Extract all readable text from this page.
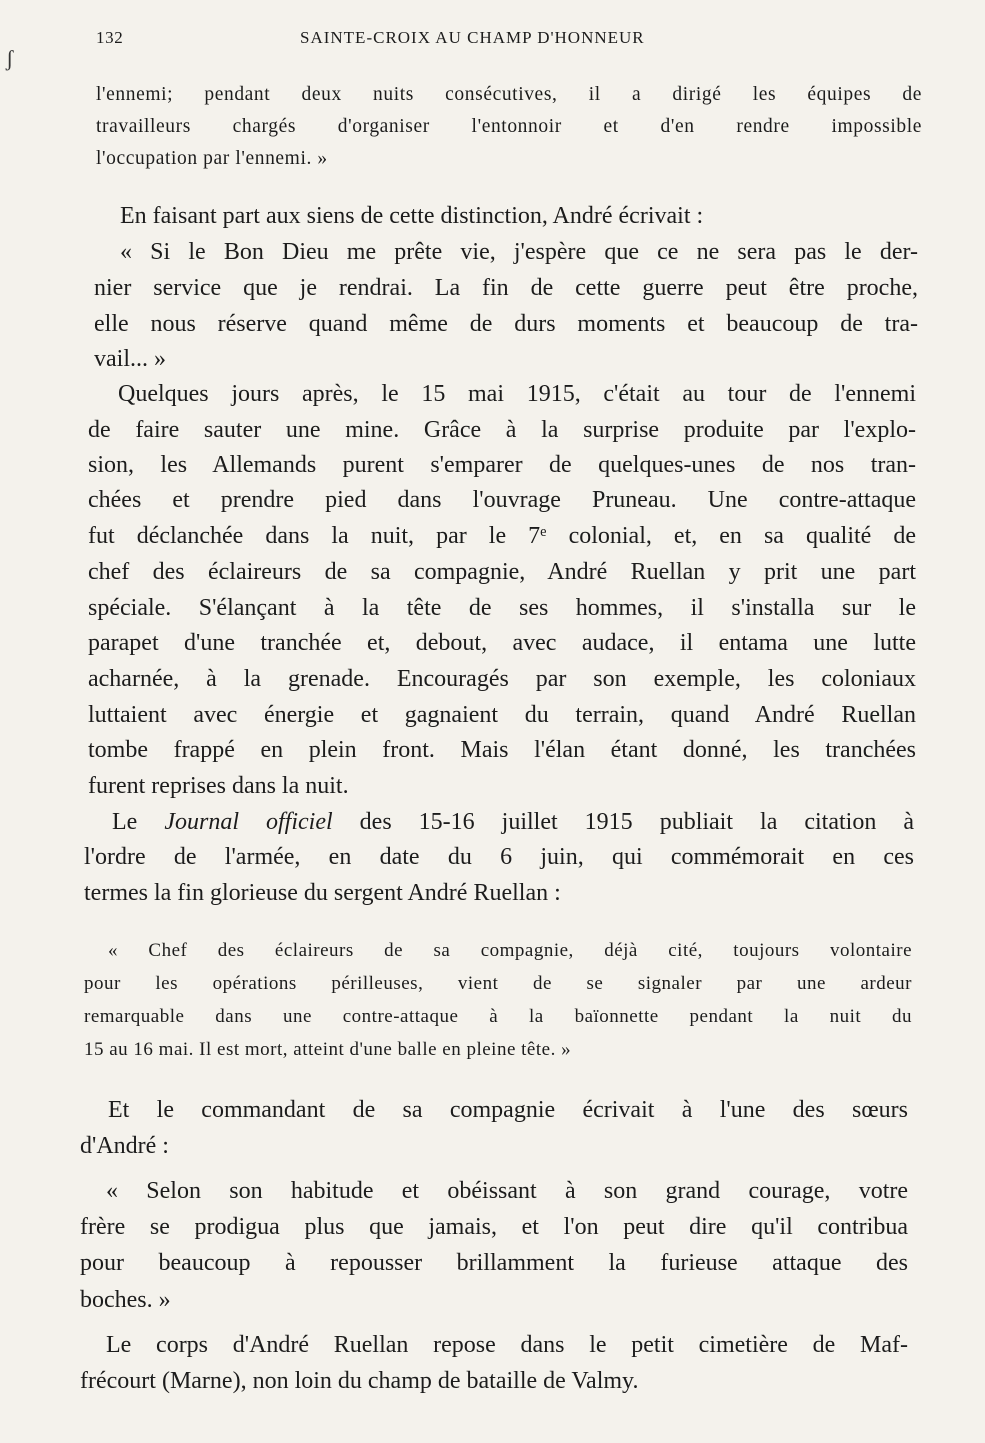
ʃ
132	SAINTE-CROIX AU CHAMP D'HONNEUR
l'ennemi; pendant deux nuits consécutives, il a dirigé les équipes de
travailleurs chargés d'organiser l'entonnoir et d'en rendre impossible
l'occupation par l'ennemi. »
En faisant part aux siens de cette distinction, André écrivait :
« Si le Bon Dieu me prête vie, j'espère que ce ne sera pas le der-
nier service que je rendrai. La fin de cette guerre peut être proche,
elle nous réserve quand même de durs moments et beaucoup de tra-
vail... »
Quelques jours après, le 15 mai 1915, c'était au tour de l'ennemi
de faire sauter une mine. Grâce à la surprise produite par l'explo-
sion, les Allemands purent s'emparer de quelques-unes de nos tran-
chées et prendre pied dans l'ouvrage Pruneau. Une contre-attaque
fut déclanchée dans la nuit, par le 7e colonial, et, en sa qualité de
chef des éclaireurs de sa compagnie, André Ruellan y prit une part
spéciale. S'élançant à la tête de ses hommes, il s'installa sur le
parapet d'une tranchée et, debout, avec audace, il entama une lutte
acharnée, à la grenade. Encouragés par son exemple, les coloniaux
luttaient avec énergie et gagnaient du terrain, quand André Ruellan
tombe frappé en plein front. Mais l'élan étant donné, les tranchées
furent reprises dans la nuit.
Le Journal officiel des 15-16 juillet 1915 publiait la citation à
l'ordre de l'armée, en date du 6 juin, qui commémorait en ces
termes la fin glorieuse du sergent André Ruellan :
« Chef des éclaireurs de sa compagnie, déjà cité, toujours volontaire
pour les opérations périlleuses, vient de se signaler par une ardeur
remarquable dans une contre-attaque à la baïonnette pendant la nuit du
15 au 16 mai. Il est mort, atteint d'une balle en pleine tête. »
Et le commandant de sa compagnie écrivait à l'une des sœurs
d'André :
« Selon son habitude et obéissant à son grand courage, votre
frère se prodigua plus que jamais, et l'on peut dire qu'il contribua
pour beaucoup à repousser brillamment la furieuse attaque des
boches. »
Le corps d'André Ruellan repose dans le petit cimetière de Maf-
frécourt (Marne), non loin du champ de bataille de Valmy.
